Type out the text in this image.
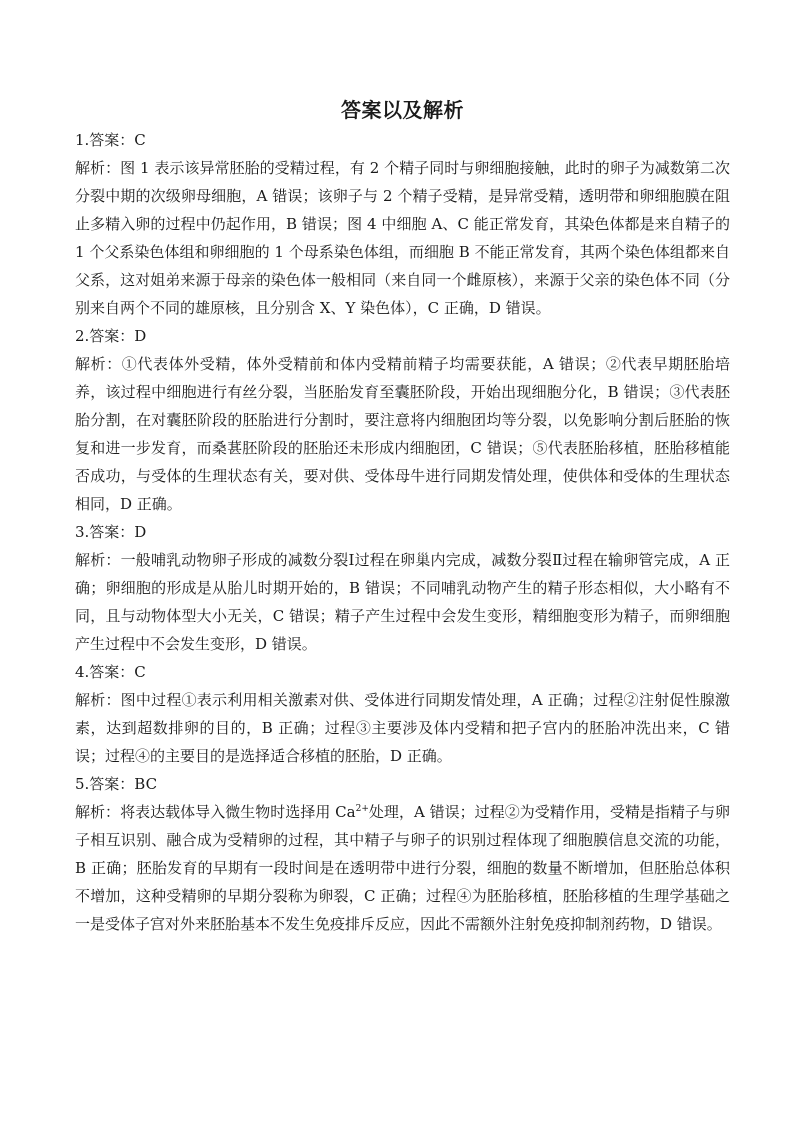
答案以及解析

1.答案：C

解析：图 1 表示该异常胚胎的受精过程，有 2 个精子同时与卵细胞接触，此时的卵子为减数第二次分裂中期的次级卵母细胞，A 错误；该卵子与 2 个精子受精，是异常受精，透明带和卵细胞膜在阻止多精入卵的过程中仍起作用，B 错误；图 4 中细胞 A、C 能正常发育，其染色体都是来自精子的 1 个父系染色体组和卵细胞的 1 个母系染色体组，而细胞 B 不能正常发育，其两个染色体组都来自父系，这对姐弟来源于母亲的染色体一般相同（来自同一个雌原核），来源于父亲的染色体不同（分别来自两个不同的雄原核，且分别含 X、Y 染色体），C 正确，D 错误。

2.答案：D

解析：①代表体外受精，体外受精前和体内受精前精子均需要获能，A 错误；②代表早期胚胎培养，该过程中细胞进行有丝分裂，当胚胎发育至囊胚阶段，开始出现细胞分化，B 错误；③代表胚胎分割，在对囊胚阶段的胚胎进行分割时，要注意将内细胞团均等分裂，以免影响分割后胚胎的恢复和进一步发育，而桑葚胚阶段的胚胎还未形成内细胞团，C 错误；⑤代表胚胎移植，胚胎移植能否成功，与受体的生理状态有关，要对供、受体母牛进行同期发情处理，使供体和受体的生理状态相同，D 正确。

3.答案：D

解析：一般哺乳动物卵子形成的减数分裂Ⅰ过程在卵巢内完成，减数分裂Ⅱ过程在输卵管完成，A 正确；卵细胞的形成是从胎儿时期开始的，B 错误；不同哺乳动物产生的精子形态相似，大小略有不同，且与动物体型大小无关，C 错误；精子产生过程中会发生变形，精细胞变形为精子，而卵细胞产生过程中不会发生变形，D 错误。

4.答案：C

解析：图中过程①表示利用相关激素对供、受体进行同期发情处理，A 正确；过程②注射促性腺激素，达到超数排卵的目的，B 正确；过程③主要涉及体内受精和把子宫内的胚胎冲洗出来，C 错误；过程④的主要目的是选择适合移植的胚胎，D 正确。

5.答案：BC

解析：将表达载体导入微生物时选择用 $Ca^{2+}$处理，A 错误；过程②为受精作用，受精是指精子与卵子相互识别、融合成为受精卵的过程，其中精子与卵子的识别过程体现了细胞膜信息交流的功能，B 正确；胚胎发育的早期有一段时间是在透明带中进行分裂，细胞的数量不断增加，但胚胎总体积不增加，这种受精卵的早期分裂称为卵裂，C 正确；过程④为胚胎移植，胚胎移植的生理学基础之一是受体子宫对外来胚胎基本不发生免疫排斥反应，因此不需额外注射免疫抑制剂药物，D 错误。
